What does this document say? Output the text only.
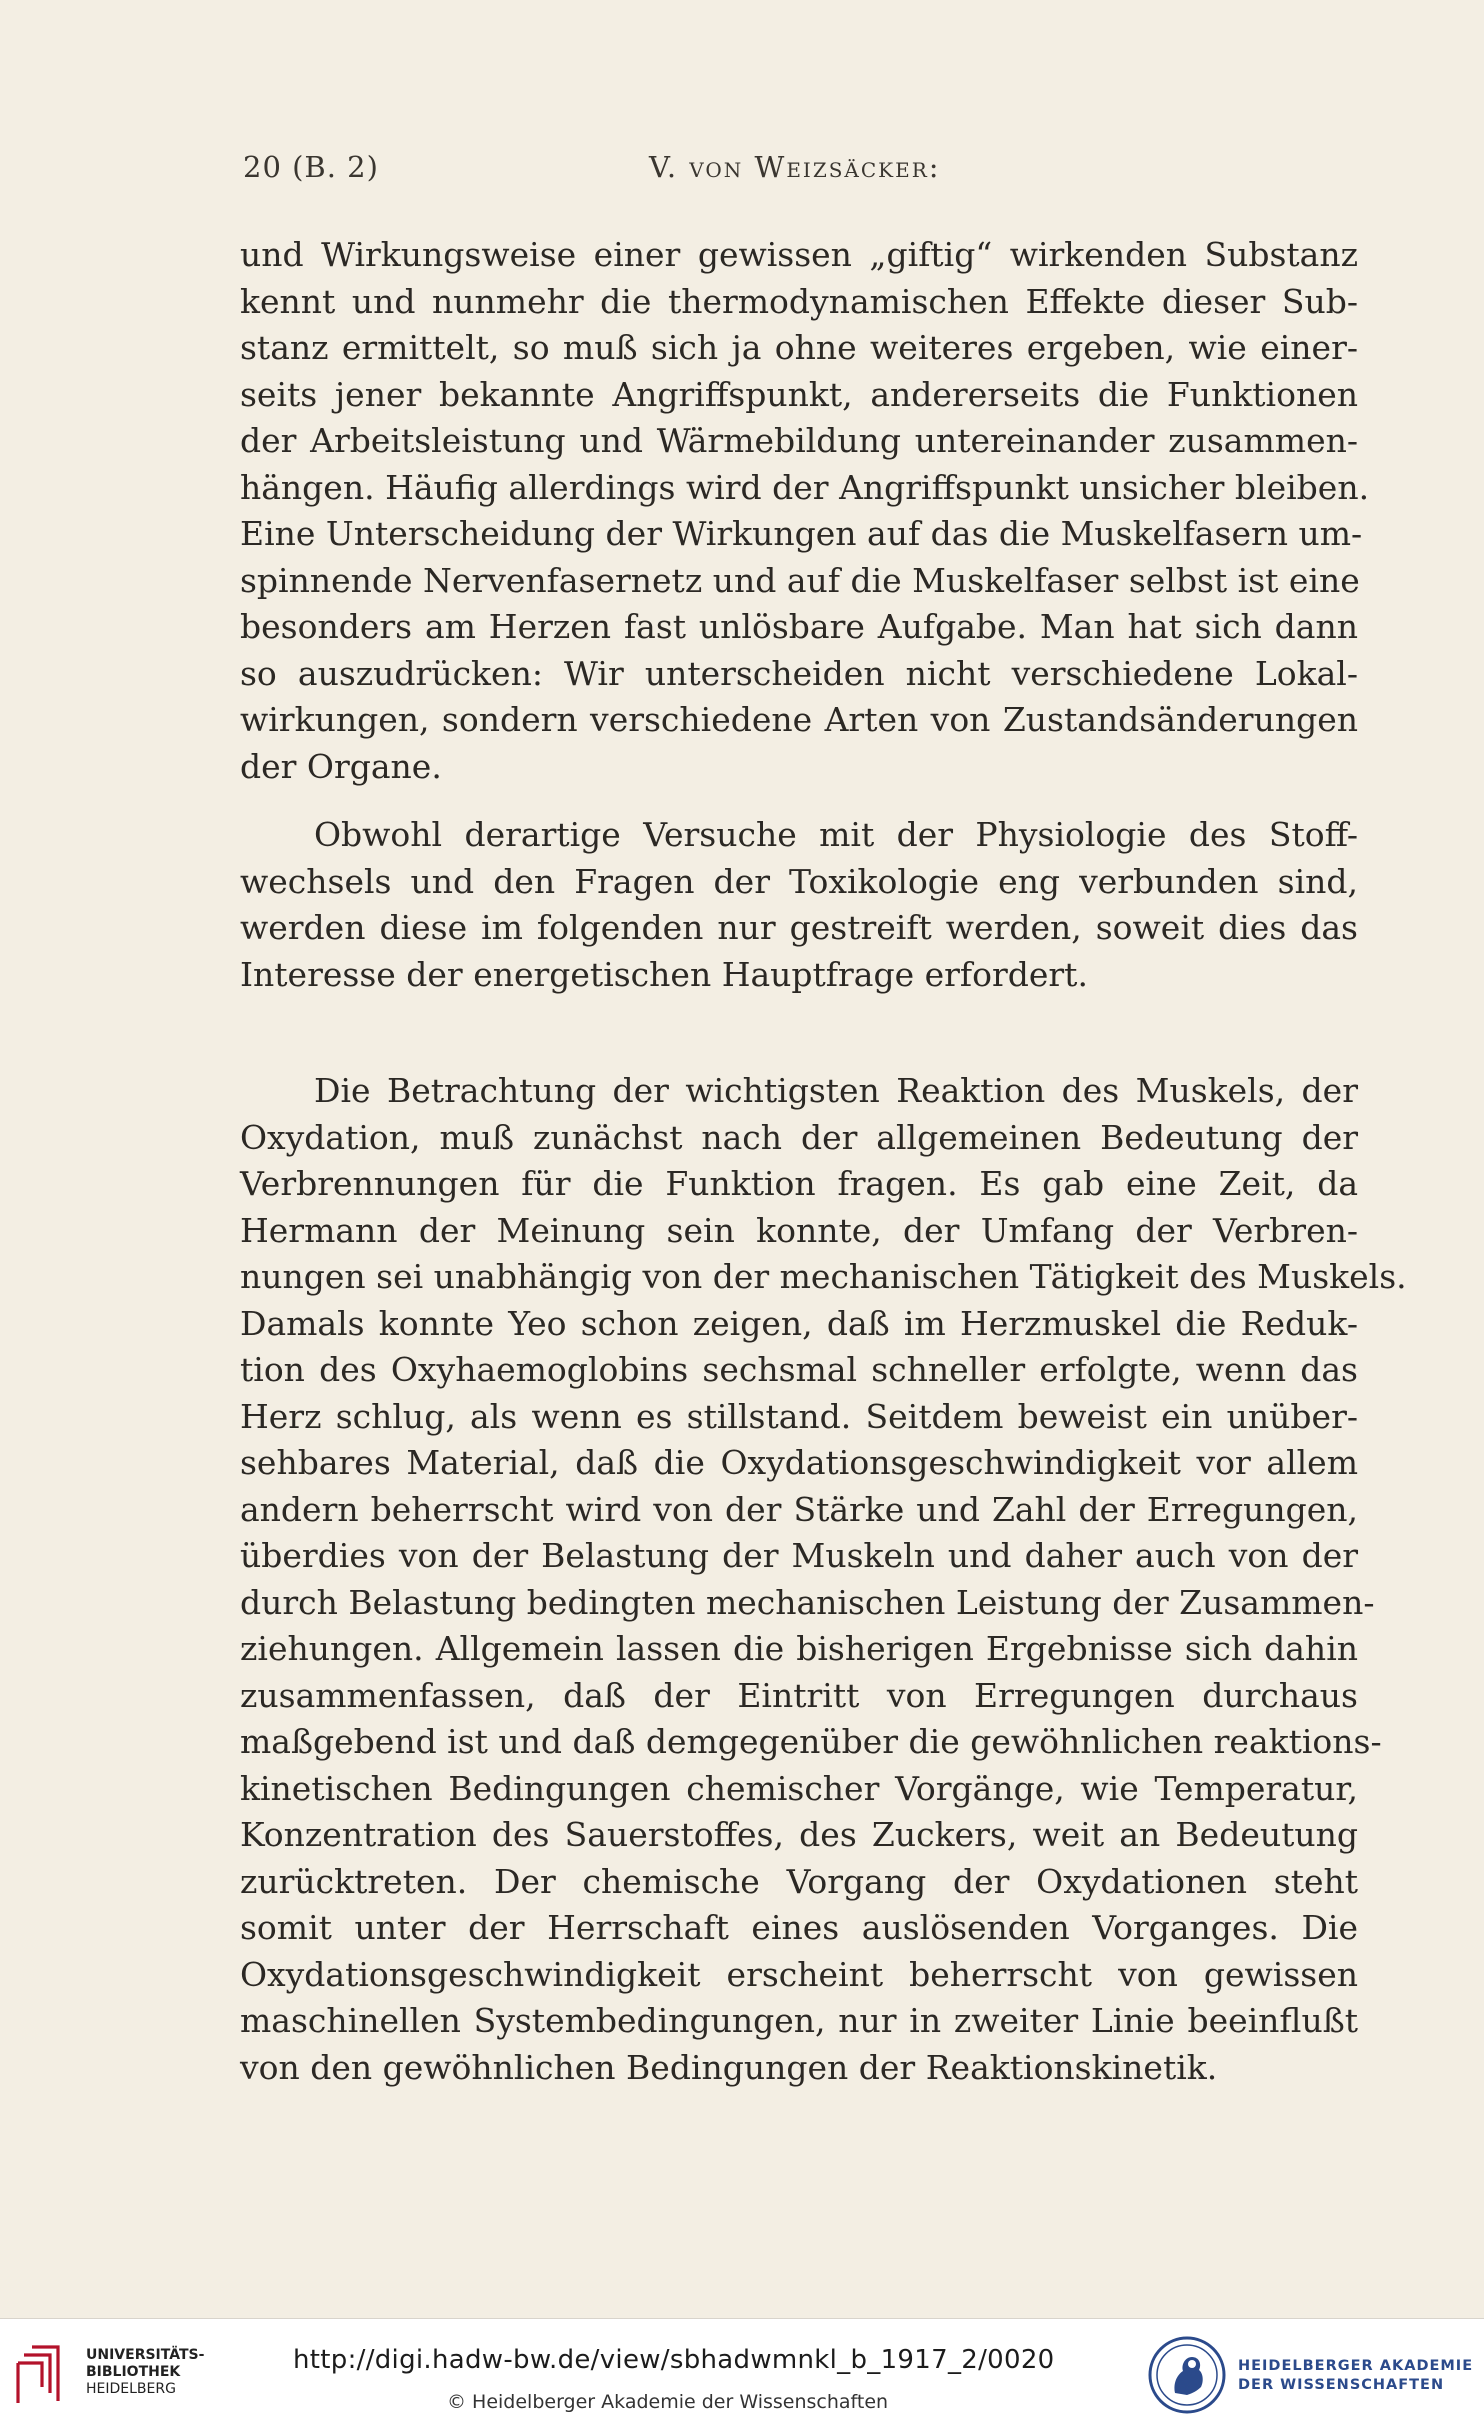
20 (B. 2)	V. von Weizsäcker:
und Wirkungsweise einer gewissen „giftig“ wirkenden Substanz
kennt und nunmehr die thermodynamischen Effekte dieser Sub-
stanz ermittelt, so muß sich ja ohne weiteres ergeben, wie einer-
seits jener bekannte Angriffspunkt, andererseits die Funktionen
der Arbeitsleistung und Wärmebildung untereinander zusammen-
hängen. Häufig allerdings wird der Angriffspunkt unsicher bleiben.
Eine Unterscheidung der Wirkungen auf das die Muskelfasern um-
spinnende Nervenfasernetz und auf die Muskelfaser selbst ist eine
besonders am Herzen fast unlösbare Aufgabe. Man hat sich dann
so auszudrücken: Wir unterscheiden nicht verschiedene Lokal-
wirkungen, sondern verschiedene Arten von Zustandsänderungen
der Organe.
Obwohl derartige Versuche mit der Physiologie des Stoff-
wechsels und den Fragen der Toxikologie eng verbunden sind,
werden diese im folgenden nur gestreift werden, soweit dies das
Interesse der energetischen Hauptfrage erfordert.
Die Betrachtung der wichtigsten Reaktion des Muskels, der
Oxydation, muß zunächst nach der allgemeinen Bedeutung der
Verbrennungen für die Funktion fragen. Es gab eine Zeit, da
Hermann der Meinung sein konnte, der Umfang der Verbren-
nungen sei unabhängig von der mechanischen Tätigkeit des Muskels.
Damals konnte Yeo schon zeigen, daß im Herzmuskel die Reduk-
tion des Oxyhaemoglobins sechsmal schneller erfolgte, wenn das
Herz schlug, als wenn es stillstand. Seitdem beweist ein unüber-
sehbares Material, daß die Oxydationsgeschwindigkeit vor allem
andern beherrscht wird von der Stärke und Zahl der Erregungen,
überdies von der Belastung der Muskeln und daher auch von der
durch Belastung bedingten mechanischen Leistung der Zusammen-
ziehungen. Allgemein lassen die bisherigen Ergebnisse sich dahin
zusammenfassen, daß der Eintritt von Erregungen durchaus
maßgebend ist und daß demgegenüber die gewöhnlichen reaktions-
kinetischen Bedingungen chemischer Vorgänge, wie Temperatur,
Konzentration des Sauerstoffes, des Zuckers, weit an Bedeutung
zurücktreten. Der chemische Vorgang der Oxydationen steht
somit unter der Herrschaft eines auslösenden Vorganges. Die
Oxydationsgeschwindigkeit erscheint beherrscht von gewissen
maschinellen Systembedingungen, nur in zweiter Linie beeinflußt
von den gewöhnlichen Bedingungen der Reaktionskinetik.
UNIVERSITÄTS-
BIBLIOTHEK
HEIDELBERG
http://digi.hadw-bw.de/view/sbhadwmnkl_b_1917_2/0020
© Heidelberger Akademie der Wissenschaften
HEIDELBERGER AKADEMIE
DER WISSENSCHAFTEN
